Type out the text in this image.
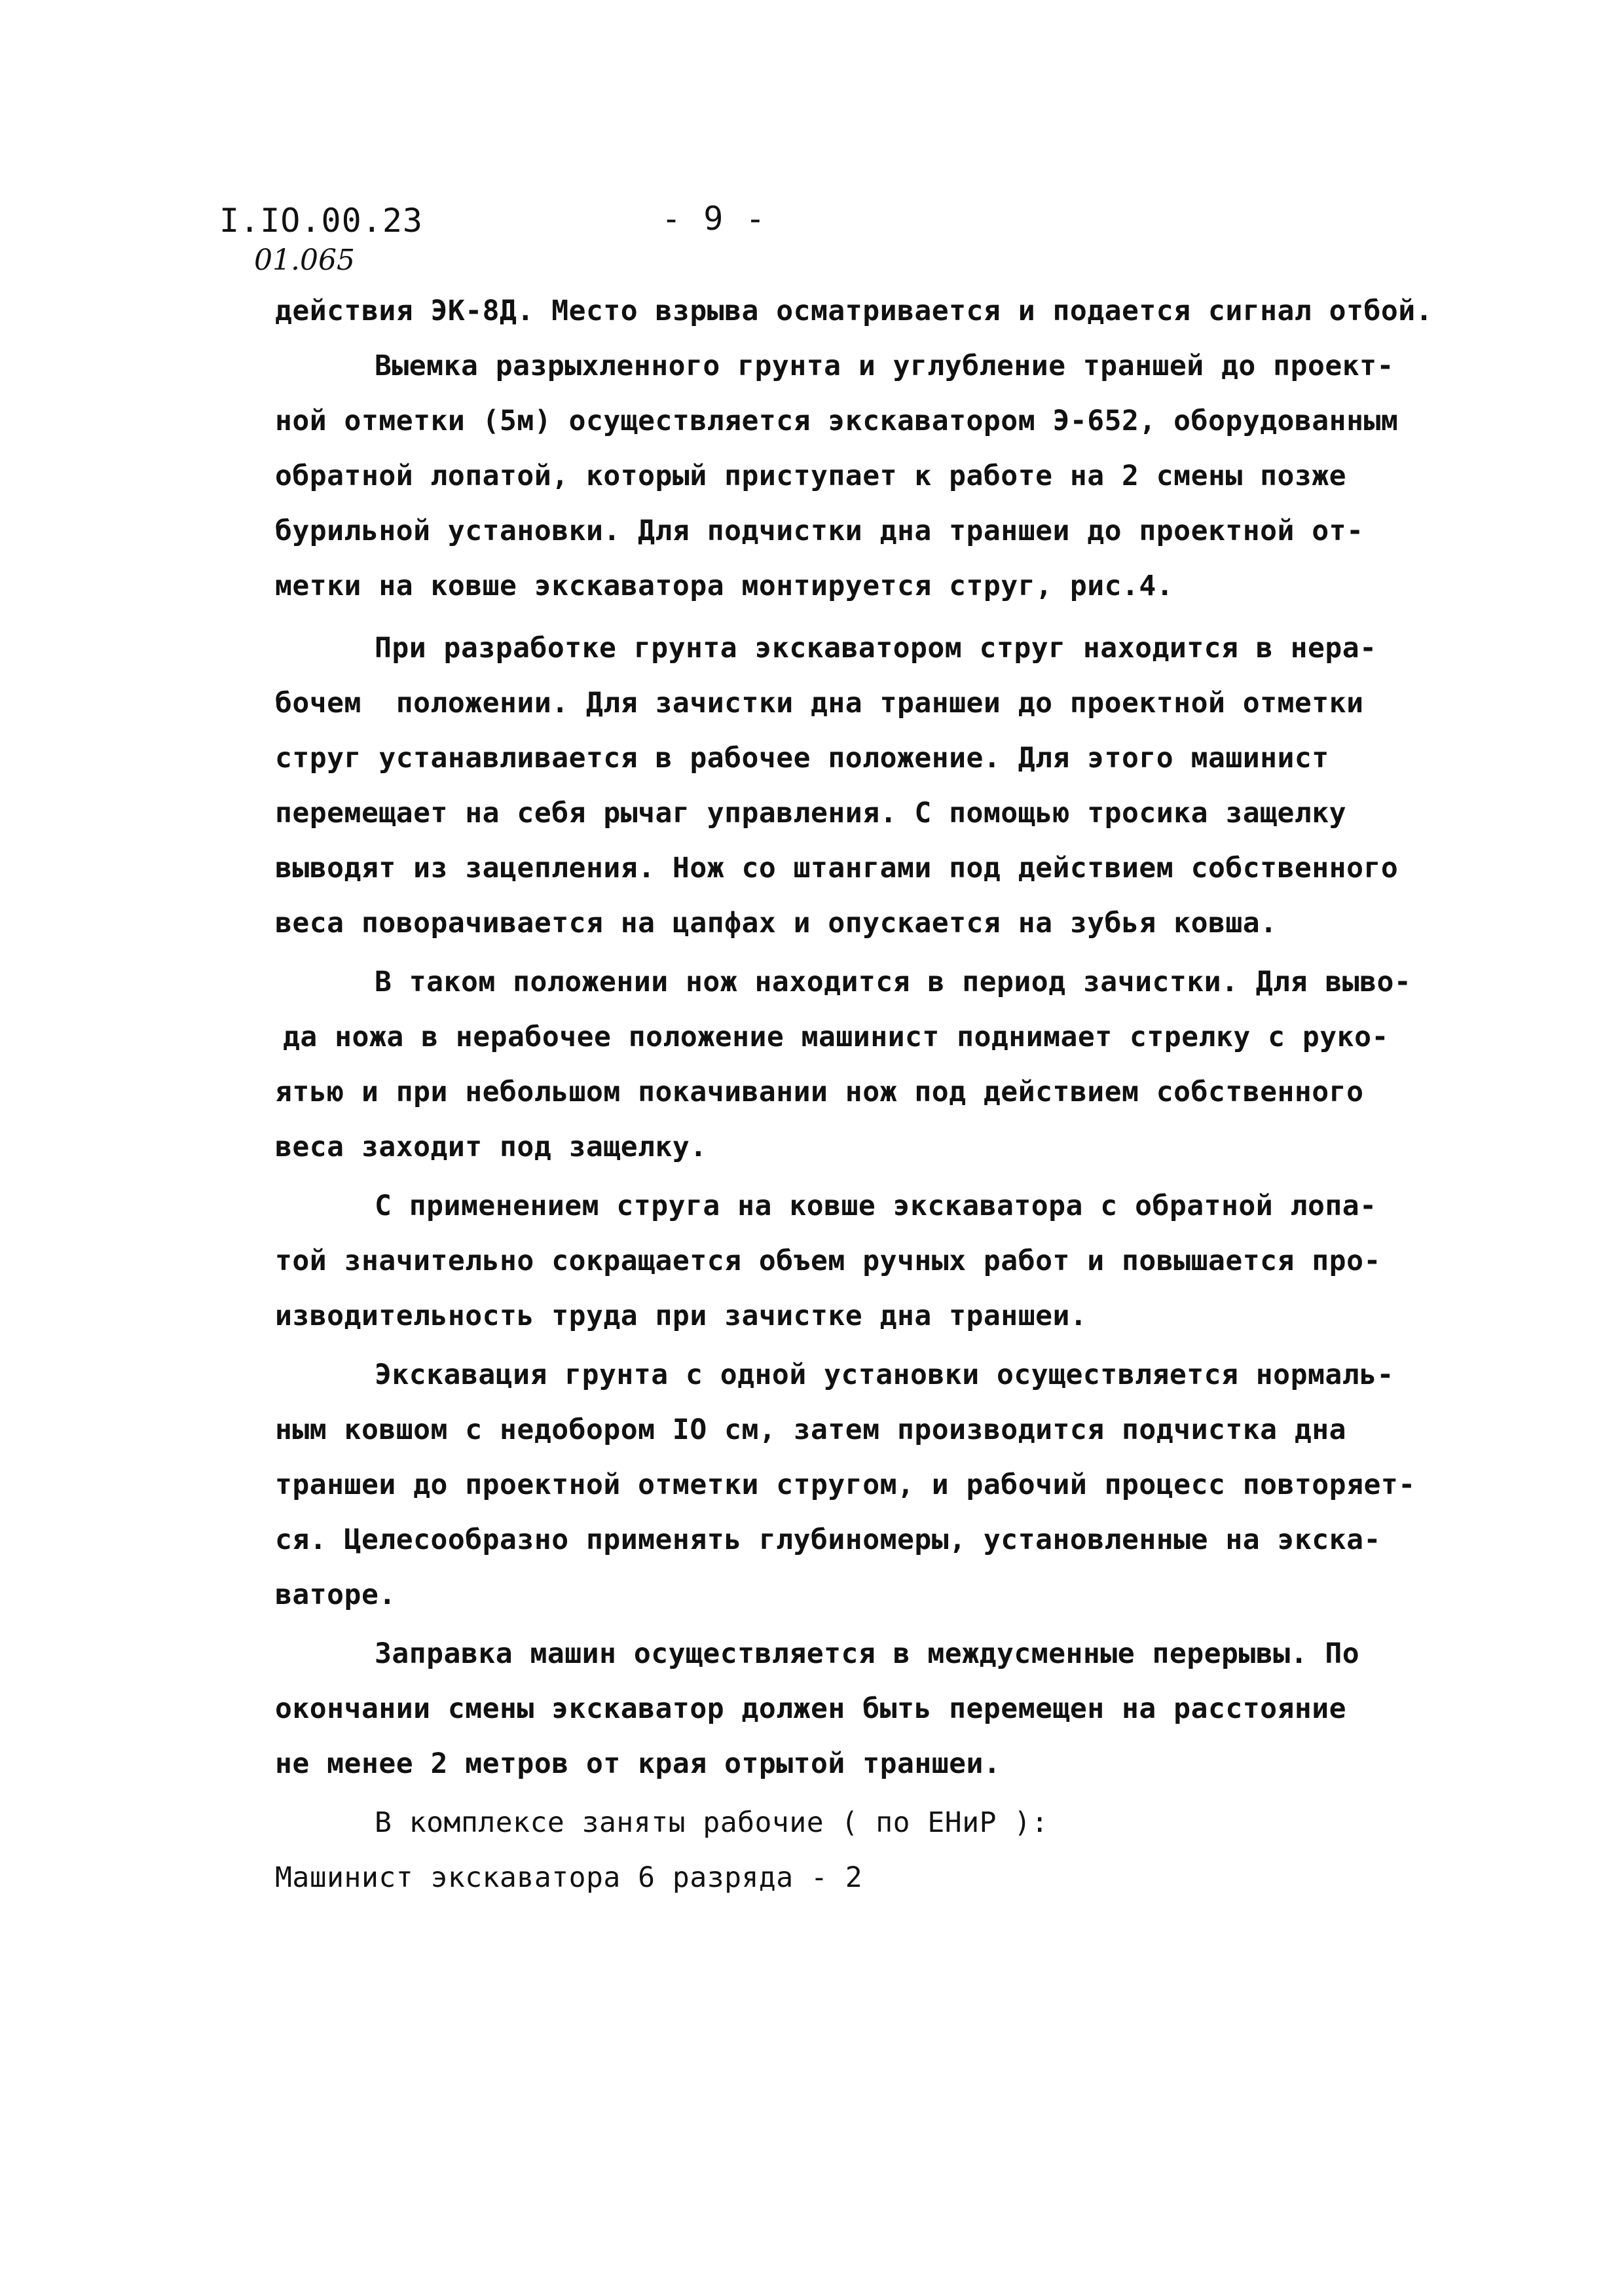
I.IO.00.23	- 9 -
01.065
действия ЭК-8Д. Место взрыва осматривается и подается сигнал отбой.
Выемка разрыхленного грунта и углубление траншей до проект-
ной отметки (5м) осуществляется экскаватором Э-652, оборудованным
обратной лопатой, который приступает к работе на 2 смены позже
бурильной установки. Для подчистки дна траншеи до проектной от-
метки на ковше экскаватора монтируется струг, рис.4.
При разработке грунта экскаватором струг находится в нера-
бочем  положении. Для зачистки дна траншеи до проектной отметки
струг устанавливается в рабочее положение. Для этого машинист
перемещает на себя рычаг управления. С помощью тросика защелку
выводят из зацепления. Нож со штангами под действием собственного
веса поворачивается на цапфах и опускается на зубья ковша.
В таком положении нож находится в период зачистки. Для выво-
да ножа в нерабочее положение машинист поднимает стрелку с руко-
ятью и при небольшом покачивании нож под действием собственного
веса заходит под защелку.
С применением струга на ковше экскаватора с обратной лопа-
той значительно сокращается объем ручных работ и повышается про-
изводительность труда при зачистке дна траншеи.
Экскавация грунта с одной установки осуществляется нормаль-
ным ковшом с недобором IO см, затем производится подчистка дна
траншеи до проектной отметки стругом, и рабочий процесс повторяет-
ся. Целесообразно применять глубиномеры, установленные на экска-
ваторе.
Заправка машин осуществляется в междусменные перерывы. По
окончании смены экскаватор должен быть перемещен на расстояние
не менее 2 метров от края отрытой траншеи.
В комплексе заняты рабочие ( по ЕНиР ):
Машинист экскаватора 6 разряда - 2
